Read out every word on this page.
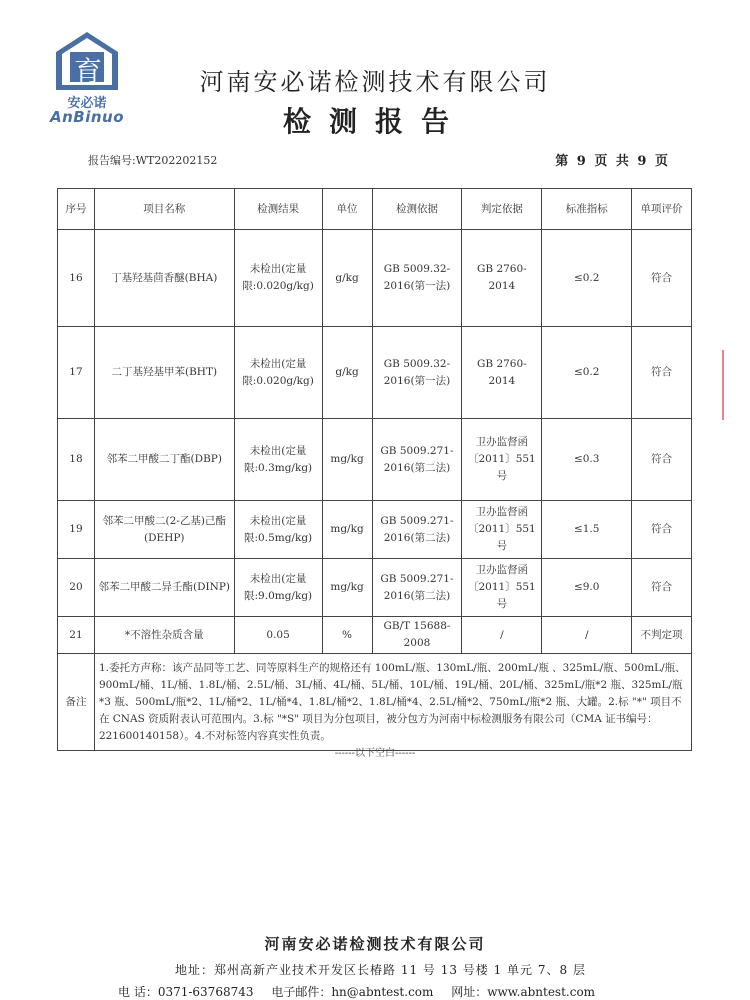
育
安必诺
AnBinuo
河南安必诺检测技术有限公司
检测报告
报告编号:WT202202152	第 9 页 共 9 页
序号	项目名称	检测结果	单位	检测依据	判定依据	标准指标	单项评价
16	丁基羟基茴香醚(BHA)	未检出(定量限:0.020g/kg)	g/kg	GB 5009.32-2016(第一法)	GB 2760-2014	≤0.2	符合
17	二丁基羟基甲苯(BHT)	未检出(定量限:0.020g/kg)	g/kg	GB 5009.32-2016(第一法)	GB 2760-2014	≤0.2	符合
18	邻苯二甲酸二丁酯(DBP)	未检出(定量限:0.3mg/kg)	mg/kg	GB 5009.271-2016(第二法)	卫办监督函〔2011〕551号	≤0.3	符合
19	邻苯二甲酸二(2-乙基)己酯(DEHP)	未检出(定量限:0.5mg/kg)	mg/kg	GB 5009.271-2016(第二法)	卫办监督函〔2011〕551号	≤1.5	符合
20	邻苯二甲酸二异壬酯(DINP)	未检出(定量限:9.0mg/kg)	mg/kg	GB 5009.271-2016(第二法)	卫办监督函〔2011〕551号	≤9.0	符合
21	*不溶性杂质含量	0.05	%	GB/T 15688-2008	/	/	不判定项
备注	1.委托方声称：该产品同等工艺、同等原料生产的规格还有 100mL/瓶、130mL/瓶、200mL/瓶 、325mL/瓶、500mL/瓶、900mL/桶、1L/桶、1.8L/桶、2.5L/桶、3L/桶、4L/桶、5L/桶、10L/桶、19L/桶、20L/桶、325mL/瓶*2 瓶、325mL/瓶*3 瓶、500mL/瓶*2、1L/桶*2、1L/桶*4、1.8L/桶*2、1.8L/桶*4、2.5L/桶*2、750mL/瓶*2 瓶、大罐。2.标 "*" 项目不在 CNAS 资质附表认可范围内。3.标 "*S" 项目为分包项目，被分包方为河南中标检测服务有限公司（CMA 证书编号：221600140158）。4.不对标签内容真实性负责。						
------以下空白------
河南安必诺检测技术有限公司
地址：郑州高新产业技术开发区长椿路 11 号 13 号楼 1 单元 7、8 层
电 话：0371-63768743 电子邮件：hn@abntest.com 网址：www.abntest.com
